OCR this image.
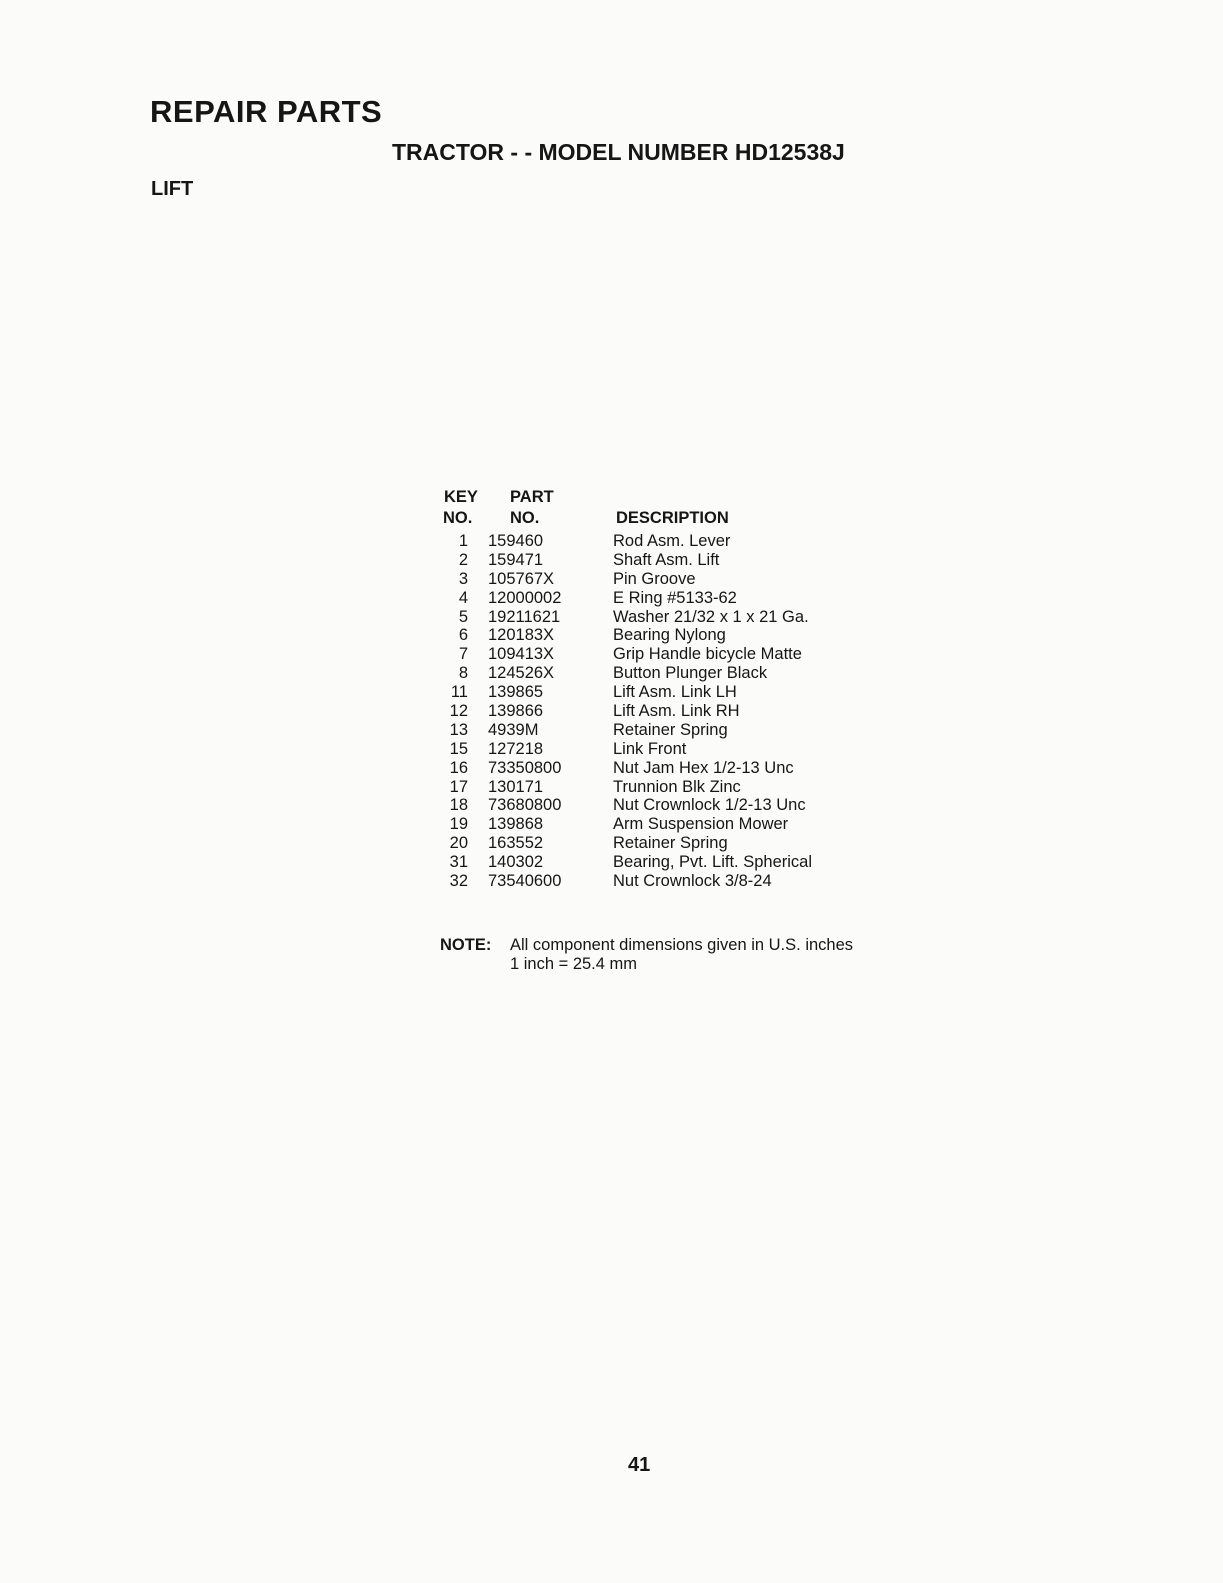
REPAIR PARTS
TRACTOR - - MODEL NUMBER HD12538J
LIFT
KEY
NO.
PART
NO.	DESCRIPTION
1 159460	Rod Asm. Lever
2 159471	Shaft Asm. Lift
3 105767X	Pin Groove
4 12000002	E Ring #5133-62
5 19211621	Washer 21/32 x 1 x 21 Ga.
6 120183X	Bearing Nylong
7 109413X	Grip Handle bicycle Matte
8 124526X	Button Plunger Black
11 139865	Lift Asm. Link LH
12 139866	Lift Asm. Link RH
13 4939M	Retainer Spring
15 127218	Link Front
16 73350800	Nut Jam Hex 1/2-13 Unc
17 130171	Trunnion Blk Zinc
18 73680800	Nut Crownlock 1/2-13 Unc
19 139868	Arm Suspension Mower
20 163552	Retainer Spring
31 140302	Bearing, Pvt. Lift. Spherical
32 73540600	Nut Crownlock 3/8-24
NOTE: All component dimensions given in U.S. inches
1 inch = 25.4 mm
41
